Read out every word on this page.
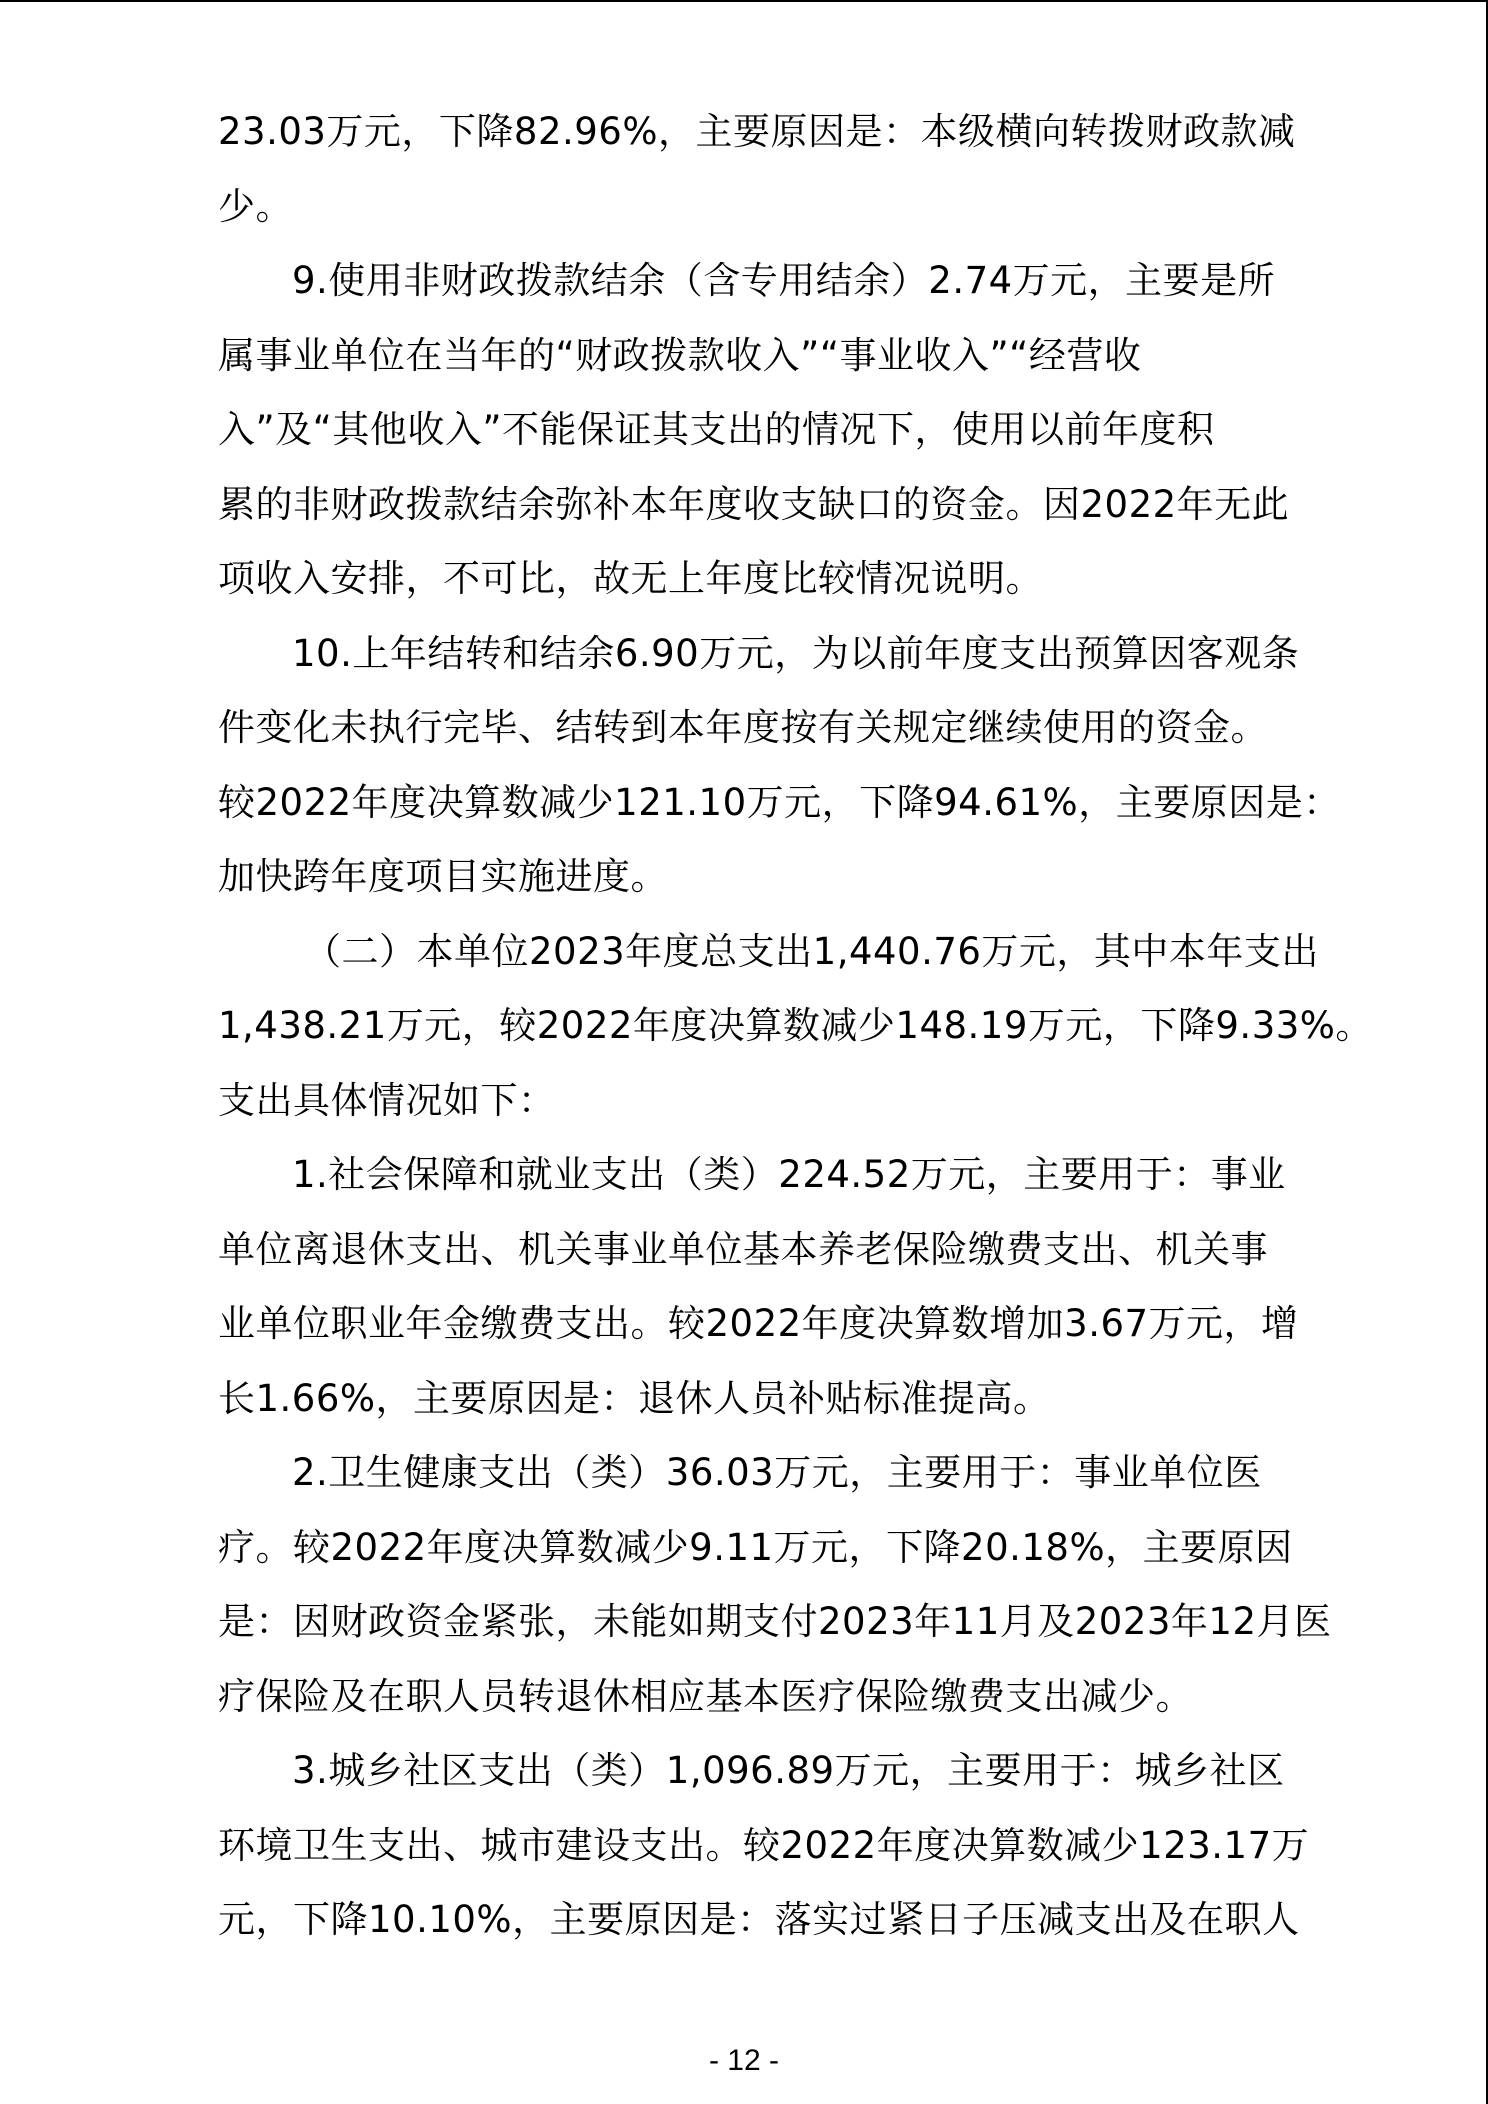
23.03万元，下降82.96%，主要原因是：本级横向转拨财政款减
少。
9.使用非财政拨款结余（含专用结余）2.74万元，主要是所
属事业单位在当年的“财政拨款收入”“事业收入”“经营收
入”及“其他收入”不能保证其支出的情况下，使用以前年度积
累的非财政拨款结余弥补本年度收支缺口的资金。因2022年无此
项收入安排，不可比，故无上年度比较情况说明。
10.上年结转和结余6.90万元，为以前年度支出预算因客观条
件变化未执行完毕、结转到本年度按有关规定继续使用的资金。
较2022年度决算数减少121.10万元，下降94.61%，主要原因是：
加快跨年度项目实施进度。
（二）本单位2023年度总支出1,440.76万元，其中本年支出
1,438.21万元，较2022年度决算数减少148.19万元，下降9.33%。
支出具体情况如下：
1.社会保障和就业支出（类）224.52万元，主要用于：事业
单位离退休支出、机关事业单位基本养老保险缴费支出、机关事
业单位职业年金缴费支出。较2022年度决算数增加3.67万元，增
长1.66%，主要原因是：退休人员补贴标准提高。
2.卫生健康支出（类）36.03万元，主要用于：事业单位医
疗。较2022年度决算数减少9.11万元，下降20.18%，主要原因
是：因财政资金紧张，未能如期支付2023年11月及2023年12月医
疗保险及在职人员转退休相应基本医疗保险缴费支出减少。
3.城乡社区支出（类）1,096.89万元，主要用于：城乡社区
环境卫生支出、城市建设支出。较2022年度决算数减少123.17万
元，下降10.10%，主要原因是：落实过紧日子压减支出及在职人
- 12 -
